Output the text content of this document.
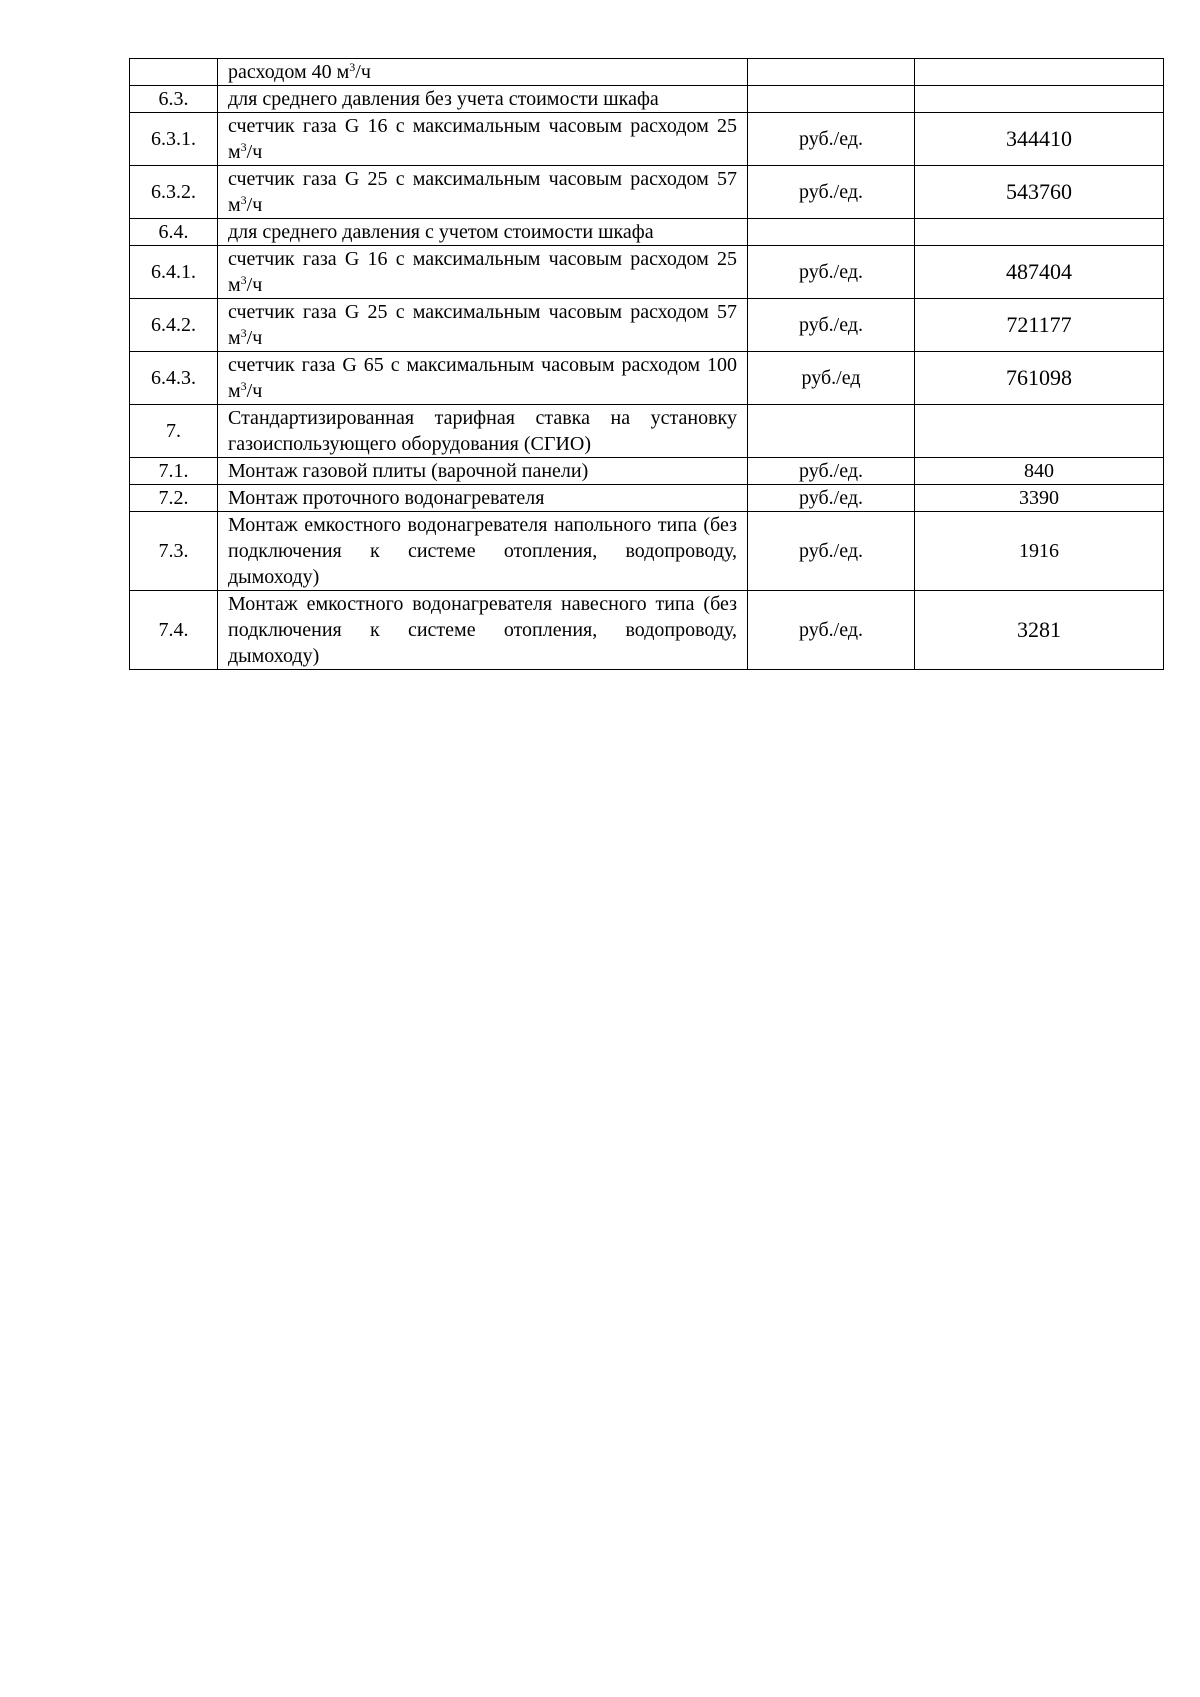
	расходом 40 $м^3/ч$		
6.3.	для среднего давления без учета стоимости шкафа		
6.3.1.	счетчик газа G 16 с максимальным часовым расходом 25 $м^3/ч$	руб./ед.	344410
6.3.2.	счетчик газа G 25 с максимальным часовым расходом 57 $м^3/ч$	руб./ед.	543760
6.4.	для среднего давления с учетом стоимости шкафа		
6.4.1.	счетчик газа G 16 с максимальным часовым расходом 25 $м^3/ч$	руб./ед.	487404
6.4.2.	счетчик газа G 25 с максимальным часовым расходом 57 $м^3/ч$	руб./ед.	721177
6.4.3.	счетчик газа G 65 с максимальным часовым расходом 100 $м^3/ч$	руб./ед	761098
7.	Стандартизированная тарифная ставка на установку газоиспользующего оборудования (СГИО)		
7.1.	Монтаж газовой плиты (варочной панели)	руб./ед.	840
7.2.	Монтаж проточного водонагревателя	руб./ед.	3390
7.3.	Монтаж емкостного водонагревателя напольного типа (без подключения к системе отопления, водопроводу, дымоходу)	руб./ед.	1916
7.4.	Монтаж емкостного водонагревателя навесного типа (без подключения к системе отопления, водопроводу, дымоходу)	руб./ед.	3281
